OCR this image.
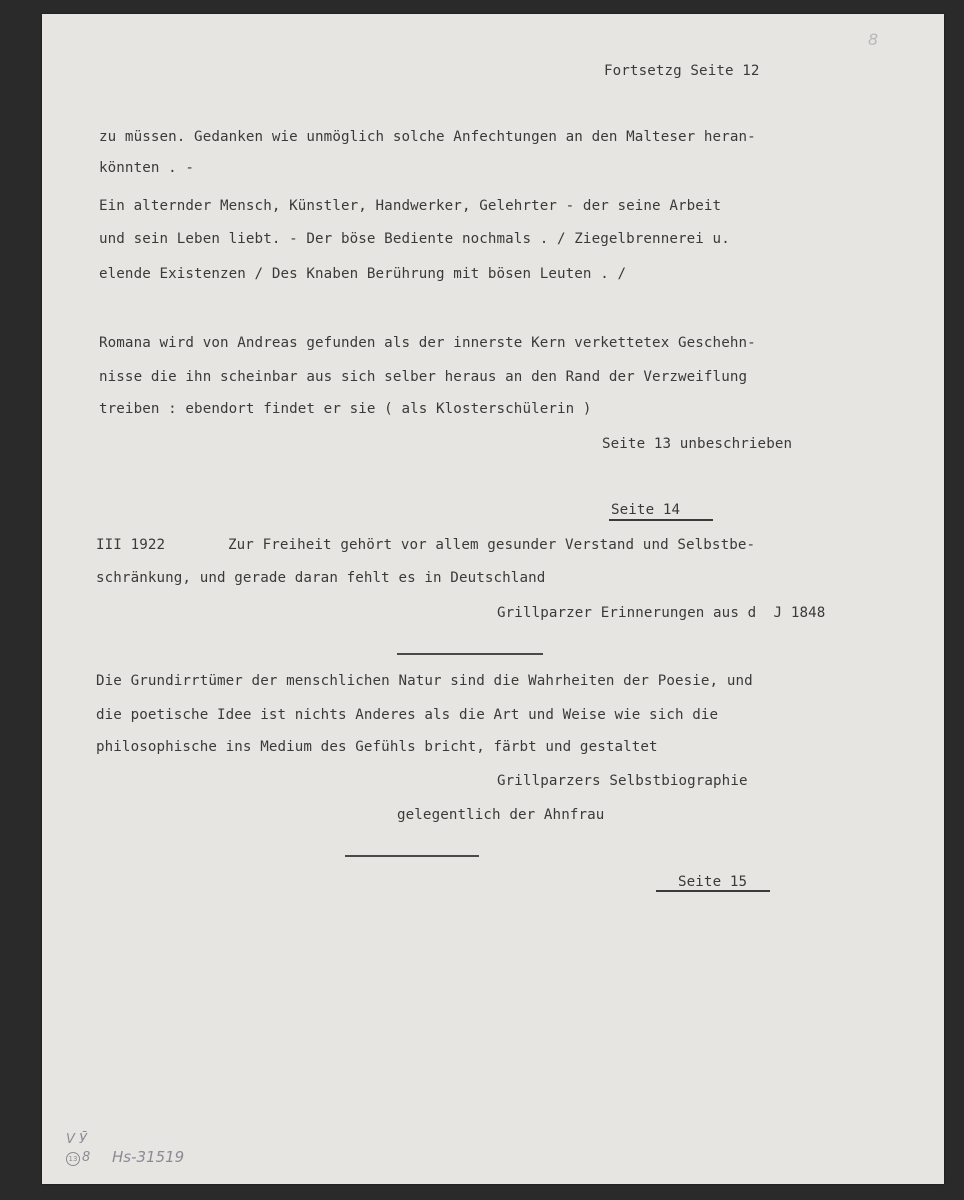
8
Fortsetzg Seite 12
zu müssen. Gedanken wie unmöglich solche Anfechtungen an den Malteser heran-
könnten . -
Ein alternder Mensch, Künstler, Handwerker, Gelehrter - der seine Arbeit
und sein Leben liebt. - Der böse Bediente nochmals . / Ziegelbrennerei u.
elende Existenzen / Des Knaben Berührung mit bösen Leuten . /
Romana wird von Andreas gefunden als der innerste Kern verkettetex Geschehn-
nisse die ihn scheinbar aus sich selber heraus an den Rand der Verzweiflung
treiben : ebendort findet er sie ( als Klosterschülerin )
Seite 13 unbeschrieben
Seite 14
III 1922	Zur Freiheit gehört vor allem gesunder Verstand und Selbstbe-
schränkung, und gerade daran fehlt es in Deutschland
Grillparzer Erinnerungen aus d  J 1848
Die Grundirrtümer der menschlichen Natur sind die Wahrheiten der Poesie, und
die poetische Idee ist nichts Anderes als die Art und Weise wie sich die
philosophische ins Medium des Gefühls bricht, färbt und gestaltet
Grillparzers Selbstbiographie
gelegentlich der Ahnfrau
Seite 15
V Ӯ
13 8 Hs-31519
